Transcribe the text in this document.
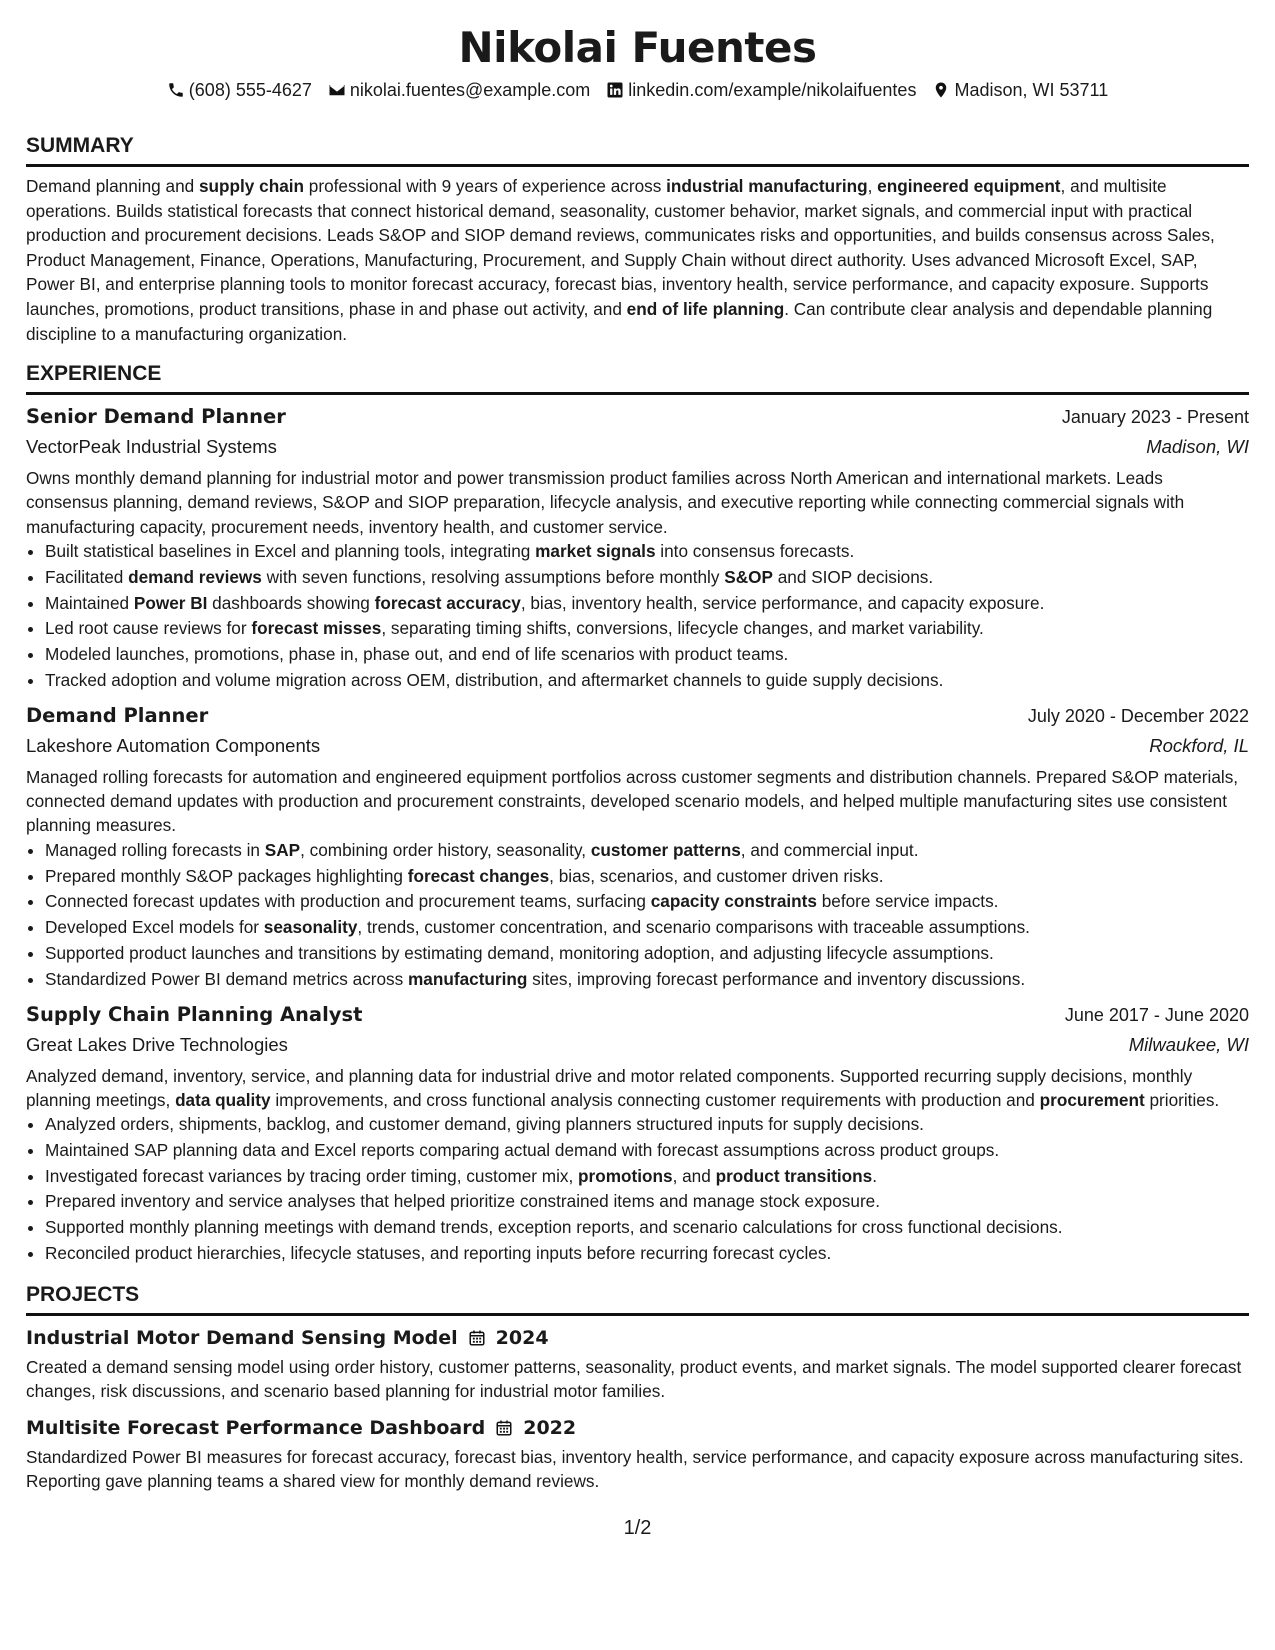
Nikolai Fuentes
(608) 555-4627 nikolai.fuentes@example.com linkedin.com/example/nikolaifuentes Madison, WI 53711
SUMMARY

Demand planning and supply chain professional with 9 years of experience across industrial manufacturing, engineered equipment, and multisite operations. Builds statistical forecasts that connect historical demand, seasonality, customer behavior, market signals, and commercial input with practical production and procurement decisions. Leads S&OP and SIOP demand reviews, communicates risks and opportunities, and builds consensus across Sales, Product Management, Finance, Operations, Manufacturing, Procurement, and Supply Chain without direct authority. Uses advanced Microsoft Excel, SAP, Power BI, and enterprise planning tools to monitor forecast accuracy, forecast bias, inventory health, service performance, and capacity exposure. Supports launches, promotions, product transitions, phase in and phase out activity, and end of life planning. Can contribute clear analysis and dependable planning discipline to a manufacturing organization.

EXPERIENCE
Senior Demand Planner	January 2023 - Present
VectorPeak Industrial Systems	Madison, WI

Owns monthly demand planning for industrial motor and power transmission product families across North American and international markets. Leads consensus planning, demand reviews, S&OP and SIOP preparation, lifecycle analysis, and executive reporting while connecting commercial signals with manufacturing capacity, procurement needs, inventory health, and customer service.

• Built statistical baselines in Excel and planning tools, integrating market signals into consensus forecasts.
• Facilitated demand reviews with seven functions, resolving assumptions before monthly S&OP and SIOP decisions.
• Maintained Power BI dashboards showing forecast accuracy, bias, inventory health, service performance, and capacity exposure.
• Led root cause reviews for forecast misses, separating timing shifts, conversions, lifecycle changes, and market variability.
• Modeled launches, promotions, phase in, phase out, and end of life scenarios with product teams.
• Tracked adoption and volume migration across OEM, distribution, and aftermarket channels to guide supply decisions.
Demand Planner	July 2020 - December 2022
Lakeshore Automation Components	Rockford, IL

Managed rolling forecasts for automation and engineered equipment portfolios across customer segments and distribution channels. Prepared S&OP materials, connected demand updates with production and procurement constraints, developed scenario models, and helped multiple manufacturing sites use consistent planning measures.

• Managed rolling forecasts in SAP, combining order history, seasonality, customer patterns, and commercial input.
• Prepared monthly S&OP packages highlighting forecast changes, bias, scenarios, and customer driven risks.
• Connected forecast updates with production and procurement teams, surfacing capacity constraints before service impacts.
• Developed Excel models for seasonality, trends, customer concentration, and scenario comparisons with traceable assumptions.
• Supported product launches and transitions by estimating demand, monitoring adoption, and adjusting lifecycle assumptions.
• Standardized Power BI demand metrics across manufacturing sites, improving forecast performance and inventory discussions.
Supply Chain Planning Analyst	June 2017 - June 2020
Great Lakes Drive Technologies	Milwaukee, WI

Analyzed demand, inventory, service, and planning data for industrial drive and motor related components. Supported recurring supply decisions, monthly planning meetings, data quality improvements, and cross functional analysis connecting customer requirements with production and procurement priorities.

• Analyzed orders, shipments, backlog, and customer demand, giving planners structured inputs for supply decisions.
• Maintained SAP planning data and Excel reports comparing actual demand with forecast assumptions across product groups.
• Investigated forecast variances by tracing order timing, customer mix, promotions, and product transitions.
• Prepared inventory and service analyses that helped prioritize constrained items and manage stock exposure.
• Supported monthly planning meetings with demand trends, exception reports, and scenario calculations for cross functional decisions.
• Reconciled product hierarchies, lifecycle statuses, and reporting inputs before recurring forecast cycles.
PROJECTS
Industrial Motor Demand Sensing Model 2024

Created a demand sensing model using order history, customer patterns, seasonality, product events, and market signals. The model supported clearer forecast changes, risk discussions, and scenario based planning for industrial motor families.

Multisite Forecast Performance Dashboard 2022

Standardized Power BI measures for forecast accuracy, forecast bias, inventory health, service performance, and capacity exposure across manufacturing sites. Reporting gave planning teams a shared view for monthly demand reviews.

1/2
